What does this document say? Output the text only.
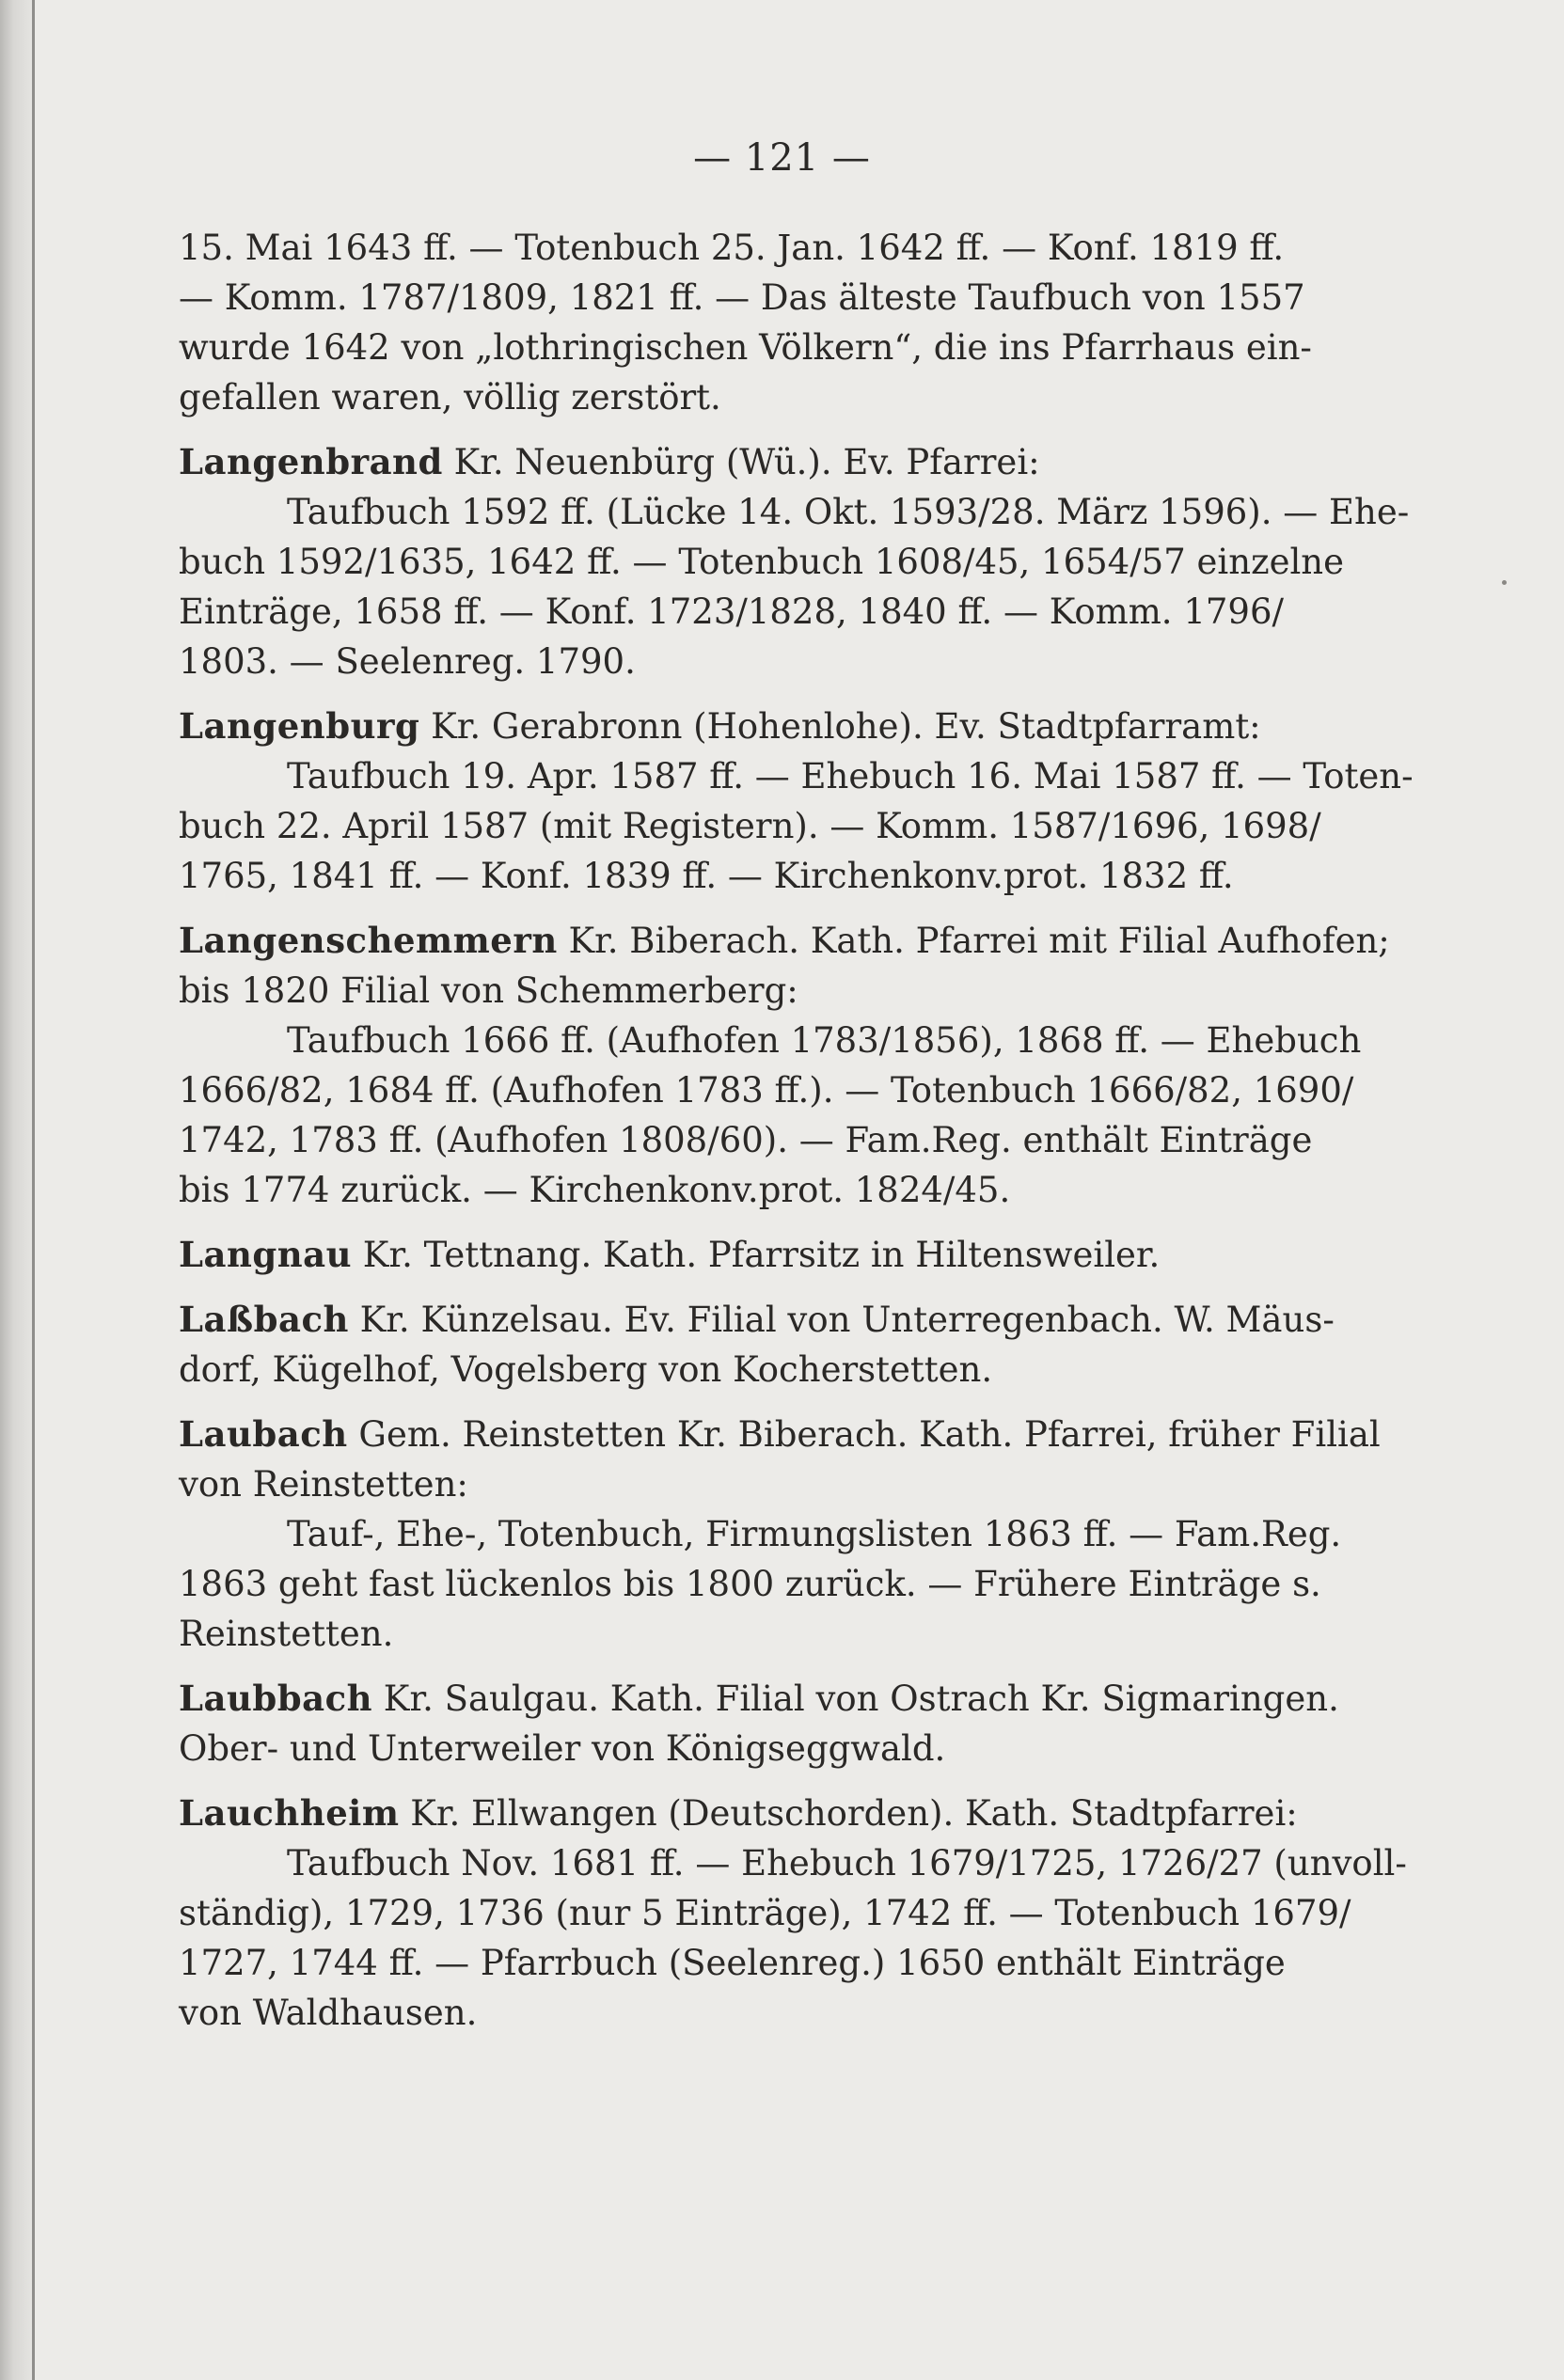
— 121 —
15. Mai 1643 ff. — Totenbuch 25. Jan. 1642 ff. — Konf. 1819 ff.
— Komm. 1787/1809, 1821 ff. — Das älteste Taufbuch von 1557
wurde 1642 von „lothringischen Völkern“, die ins Pfarrhaus ein-
gefallen waren, völlig zerstört.
Langenbrand Kr. Neuenbürg (Wü.). Ev. Pfarrei:
Taufbuch 1592 ff. (Lücke 14. Okt. 1593/28. März 1596). — Ehe-
buch 1592/1635, 1642 ff. — Totenbuch 1608/45, 1654/57 einzelne
Einträge, 1658 ff. — Konf. 1723/1828, 1840 ff. — Komm. 1796/
1803. — Seelenreg. 1790.
Langenburg Kr. Gerabronn (Hohenlohe). Ev. Stadtpfarramt:
Taufbuch 19. Apr. 1587 ff. — Ehebuch 16. Mai 1587 ff. — Toten-
buch 22. April 1587 (mit Registern). — Komm. 1587/1696, 1698/
1765, 1841 ff. — Konf. 1839 ff. — Kirchenkonv.prot. 1832 ff.
Langenschemmern Kr. Biberach. Kath. Pfarrei mit Filial Aufhofen;
bis 1820 Filial von Schemmerberg:
Taufbuch 1666 ff. (Aufhofen 1783/1856), 1868 ff. — Ehebuch
1666/82, 1684 ff. (Aufhofen 1783 ff.). — Totenbuch 1666/82, 1690/
1742, 1783 ff. (Aufhofen 1808/60). — Fam.Reg. enthält Einträge
bis 1774 zurück. — Kirchenkonv.prot. 1824/45.
Langnau Kr. Tettnang. Kath. Pfarrsitz in Hiltensweiler.
Laßbach Kr. Künzelsau. Ev. Filial von Unterregenbach. W. Mäus-
dorf, Kügelhof, Vogelsberg von Kocherstetten.
Laubach Gem. Reinstetten Kr. Biberach. Kath. Pfarrei, früher Filial
von Reinstetten:
Tauf-, Ehe-, Totenbuch, Firmungslisten 1863 ff. — Fam.Reg.
1863 geht fast lückenlos bis 1800 zurück. — Frühere Einträge s.
Reinstetten.
Laubbach Kr. Saulgau. Kath. Filial von Ostrach Kr. Sigmaringen.
Ober- und Unterweiler von Königseggwald.
Lauchheim Kr. Ellwangen (Deutschorden). Kath. Stadtpfarrei:
Taufbuch Nov. 1681 ff. — Ehebuch 1679/1725, 1726/27 (unvoll-
ständig), 1729, 1736 (nur 5 Einträge), 1742 ff. — Totenbuch 1679/
1727, 1744 ff. — Pfarrbuch (Seelenreg.) 1650 enthält Einträge
von Waldhausen.
